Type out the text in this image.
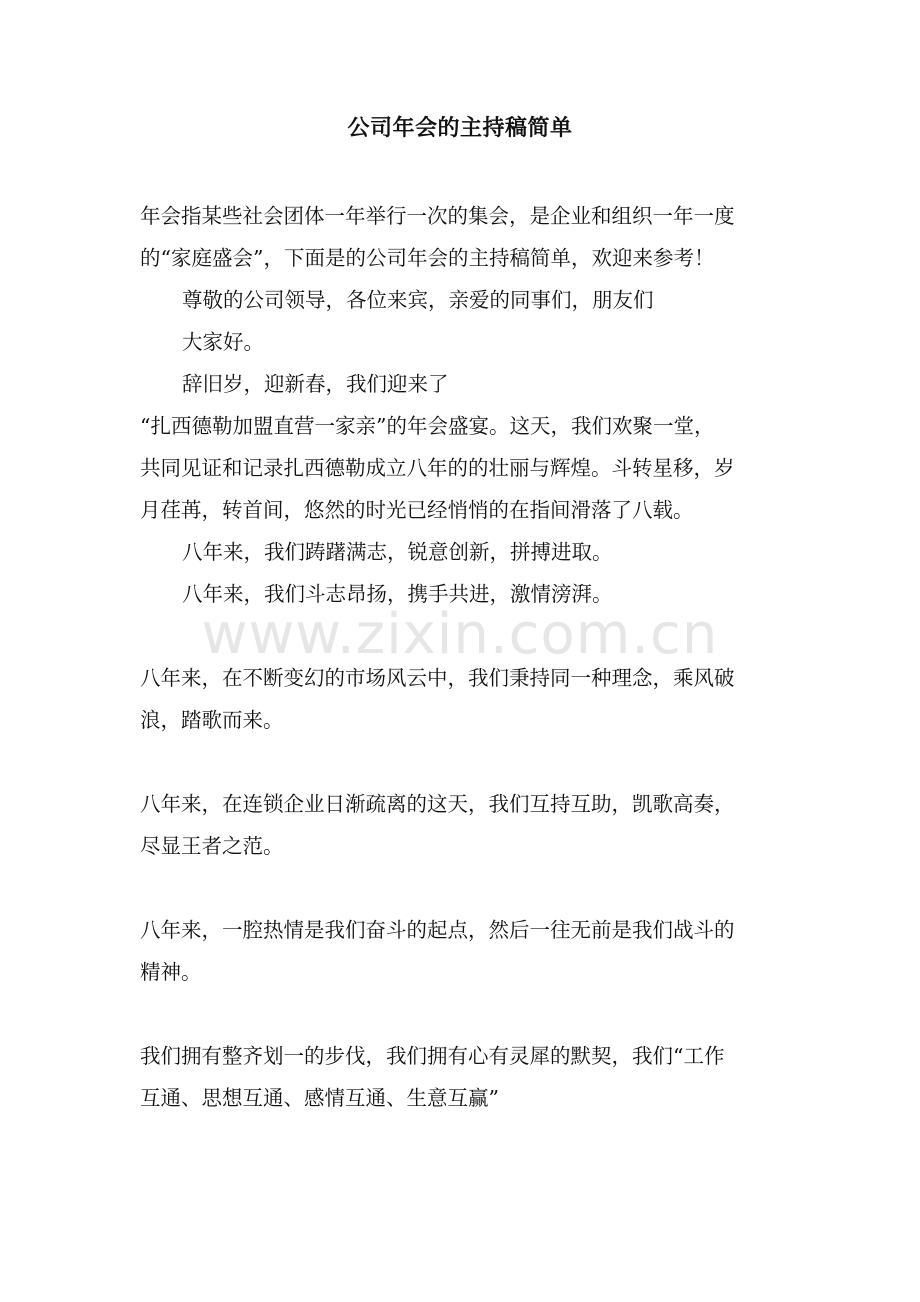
www.zixin.com.cn
公司年会的主持稿简单
年会指某些社会团体一年举行一次的集会，是企业和组织一年一度
的“家庭盛会”，下面是的公司年会的主持稿简单，欢迎来参考！
尊敬的公司领导，各位来宾，亲爱的同事们，朋友们
大家好。
辞旧岁，迎新春，我们迎来了
“扎西德勒加盟直营一家亲”的年会盛宴。这天，我们欢聚一堂，
共同见证和记录扎西德勒成立八年的的壮丽与辉煌。斗转星移，岁
月荏苒，转首间，悠然的时光已经悄悄的在指间滑落了八载。
八年来，我们踌躇满志，锐意创新，拼搏进取。
八年来，我们斗志昂扬，携手共进，激情滂湃。
八年来，在不断变幻的市场风云中，我们秉持同一种理念，乘风破
浪，踏歌而来。
八年来，在连锁企业日渐疏离的这天，我们互持互助，凯歌高奏，
尽显王者之范。
八年来，一腔热情是我们奋斗的起点，然后一往无前是我们战斗的
精神。
我们拥有整齐划一的步伐，我们拥有心有灵犀的默契，我们“工作
互通、思想互通、感情互通、生意互赢”
